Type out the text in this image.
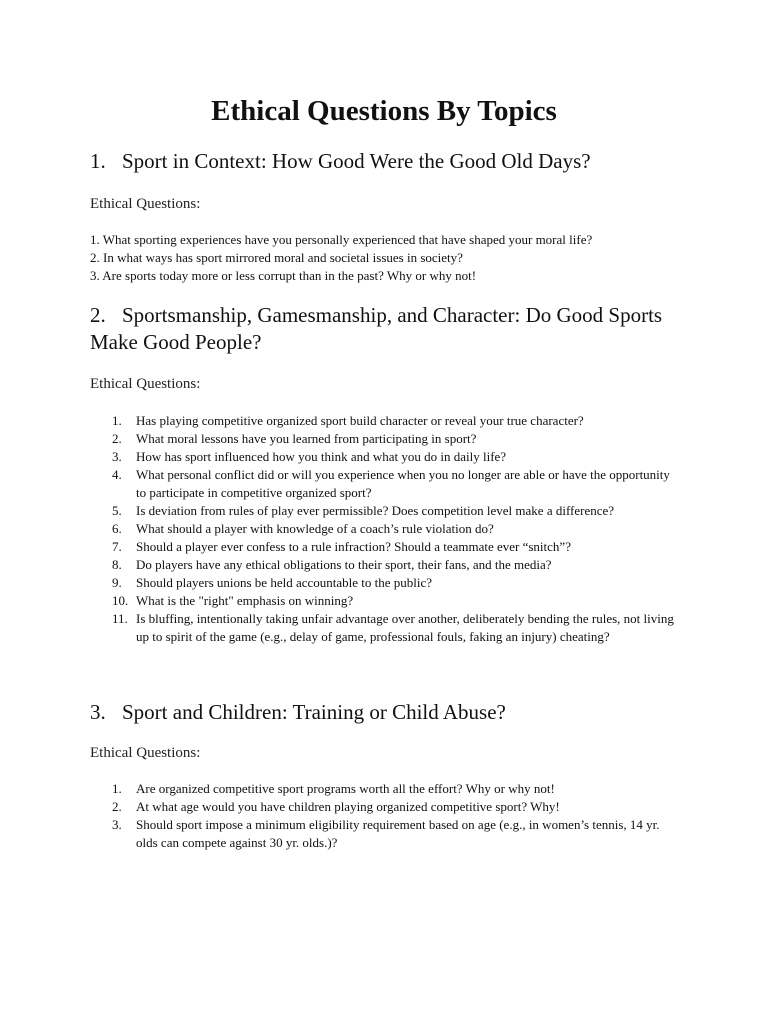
Ethical Questions By Topics
1. Sport in Context: How Good Were the Good Old Days?

Ethical Questions:

1. What sporting experiences have you personally experienced that have shaped your moral life?
2. In what ways has sport mirrored moral and societal issues in society?
3. Are sports today more or less corrupt than in the past? Why or why not!
2. Sportsmanship, Gamesmanship, and Character: Do Good Sports Make Good People?

Ethical Questions:

1. Has playing competitive organized sport build character or reveal your true character?
2. What moral lessons have you learned from participating in sport?
3. How has sport influenced how you think and what you do in daily life?
4. What personal conflict did or will you experience when you no longer are able or have the opportunity to participate in competitive organized sport?
5. Is deviation from rules of play ever permissible? Does competition level make a difference?
6. What should a player with knowledge of a coach’s rule violation do?
7. Should a player ever confess to a rule infraction? Should a teammate ever “snitch”?
8. Do players have any ethical obligations to their sport, their fans, and the media?
9. Should players unions be held accountable to the public?
10. What is the "right" emphasis on winning?
11. Is bluffing, intentionally taking unfair advantage over another, deliberately bending the rules, not living up to spirit of the game (e.g., delay of game, professional fouls, faking an injury) cheating?
3. Sport and Children: Training or Child Abuse?

Ethical Questions:

1. Are organized competitive sport programs worth all the effort? Why or why not!
2. At what age would you have children playing organized competitive sport? Why!
3. Should sport impose a minimum eligibility requirement based on age (e.g., in women’s tennis, 14 yr. olds can compete against 30 yr. olds.)?
